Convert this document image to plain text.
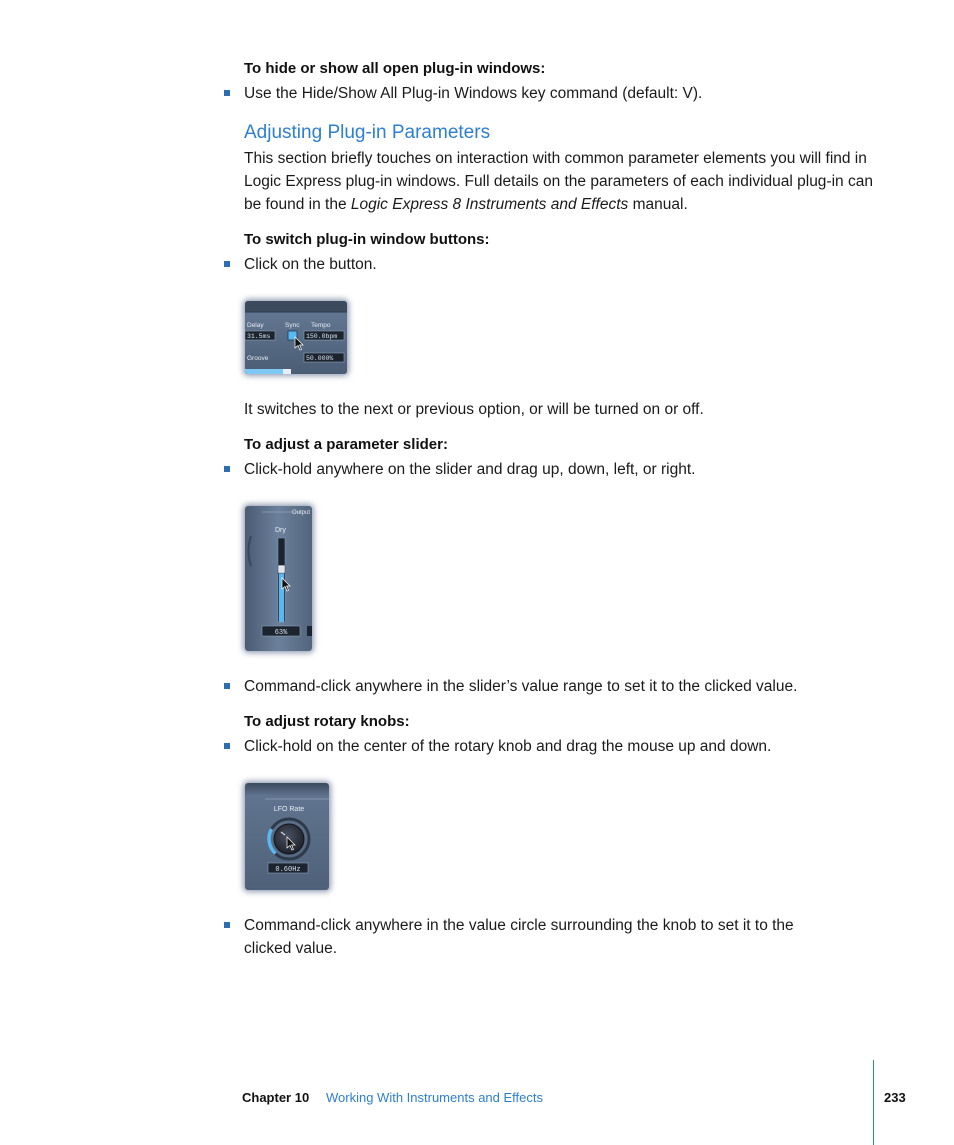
To hide or show all open plug-in windows:
Use the Hide/Show All Plug-in Windows key command (default: V).
Adjusting Plug-in Parameters
This section briefly touches on interaction with common parameter elements you will find in Logic Express plug-in windows. Full details on the parameters of each individual plug-in can be found in the Logic Express 8 Instruments and Effects manual.
To switch plug-in window buttons:
Click on the button.
Delay	Sync Tempo
31.5ms	150.0bpm
Groove	50.000%
It switches to the next or previous option, or will be turned on or off.
To adjust a parameter slider:
Click-hold anywhere on the slider and drag up, down, left, or right.
Output
Dry
63%
Command-click anywhere in the slider’s value range to set it to the clicked value.
To adjust rotary knobs:
Click-hold on the center of the rotary knob and drag the mouse up and down.
LFO Rate
0.60Hz
Command-click anywhere in the value circle surrounding the knob to set it to the clicked value.
Chapter 10 Working With Instruments and Effects	233
